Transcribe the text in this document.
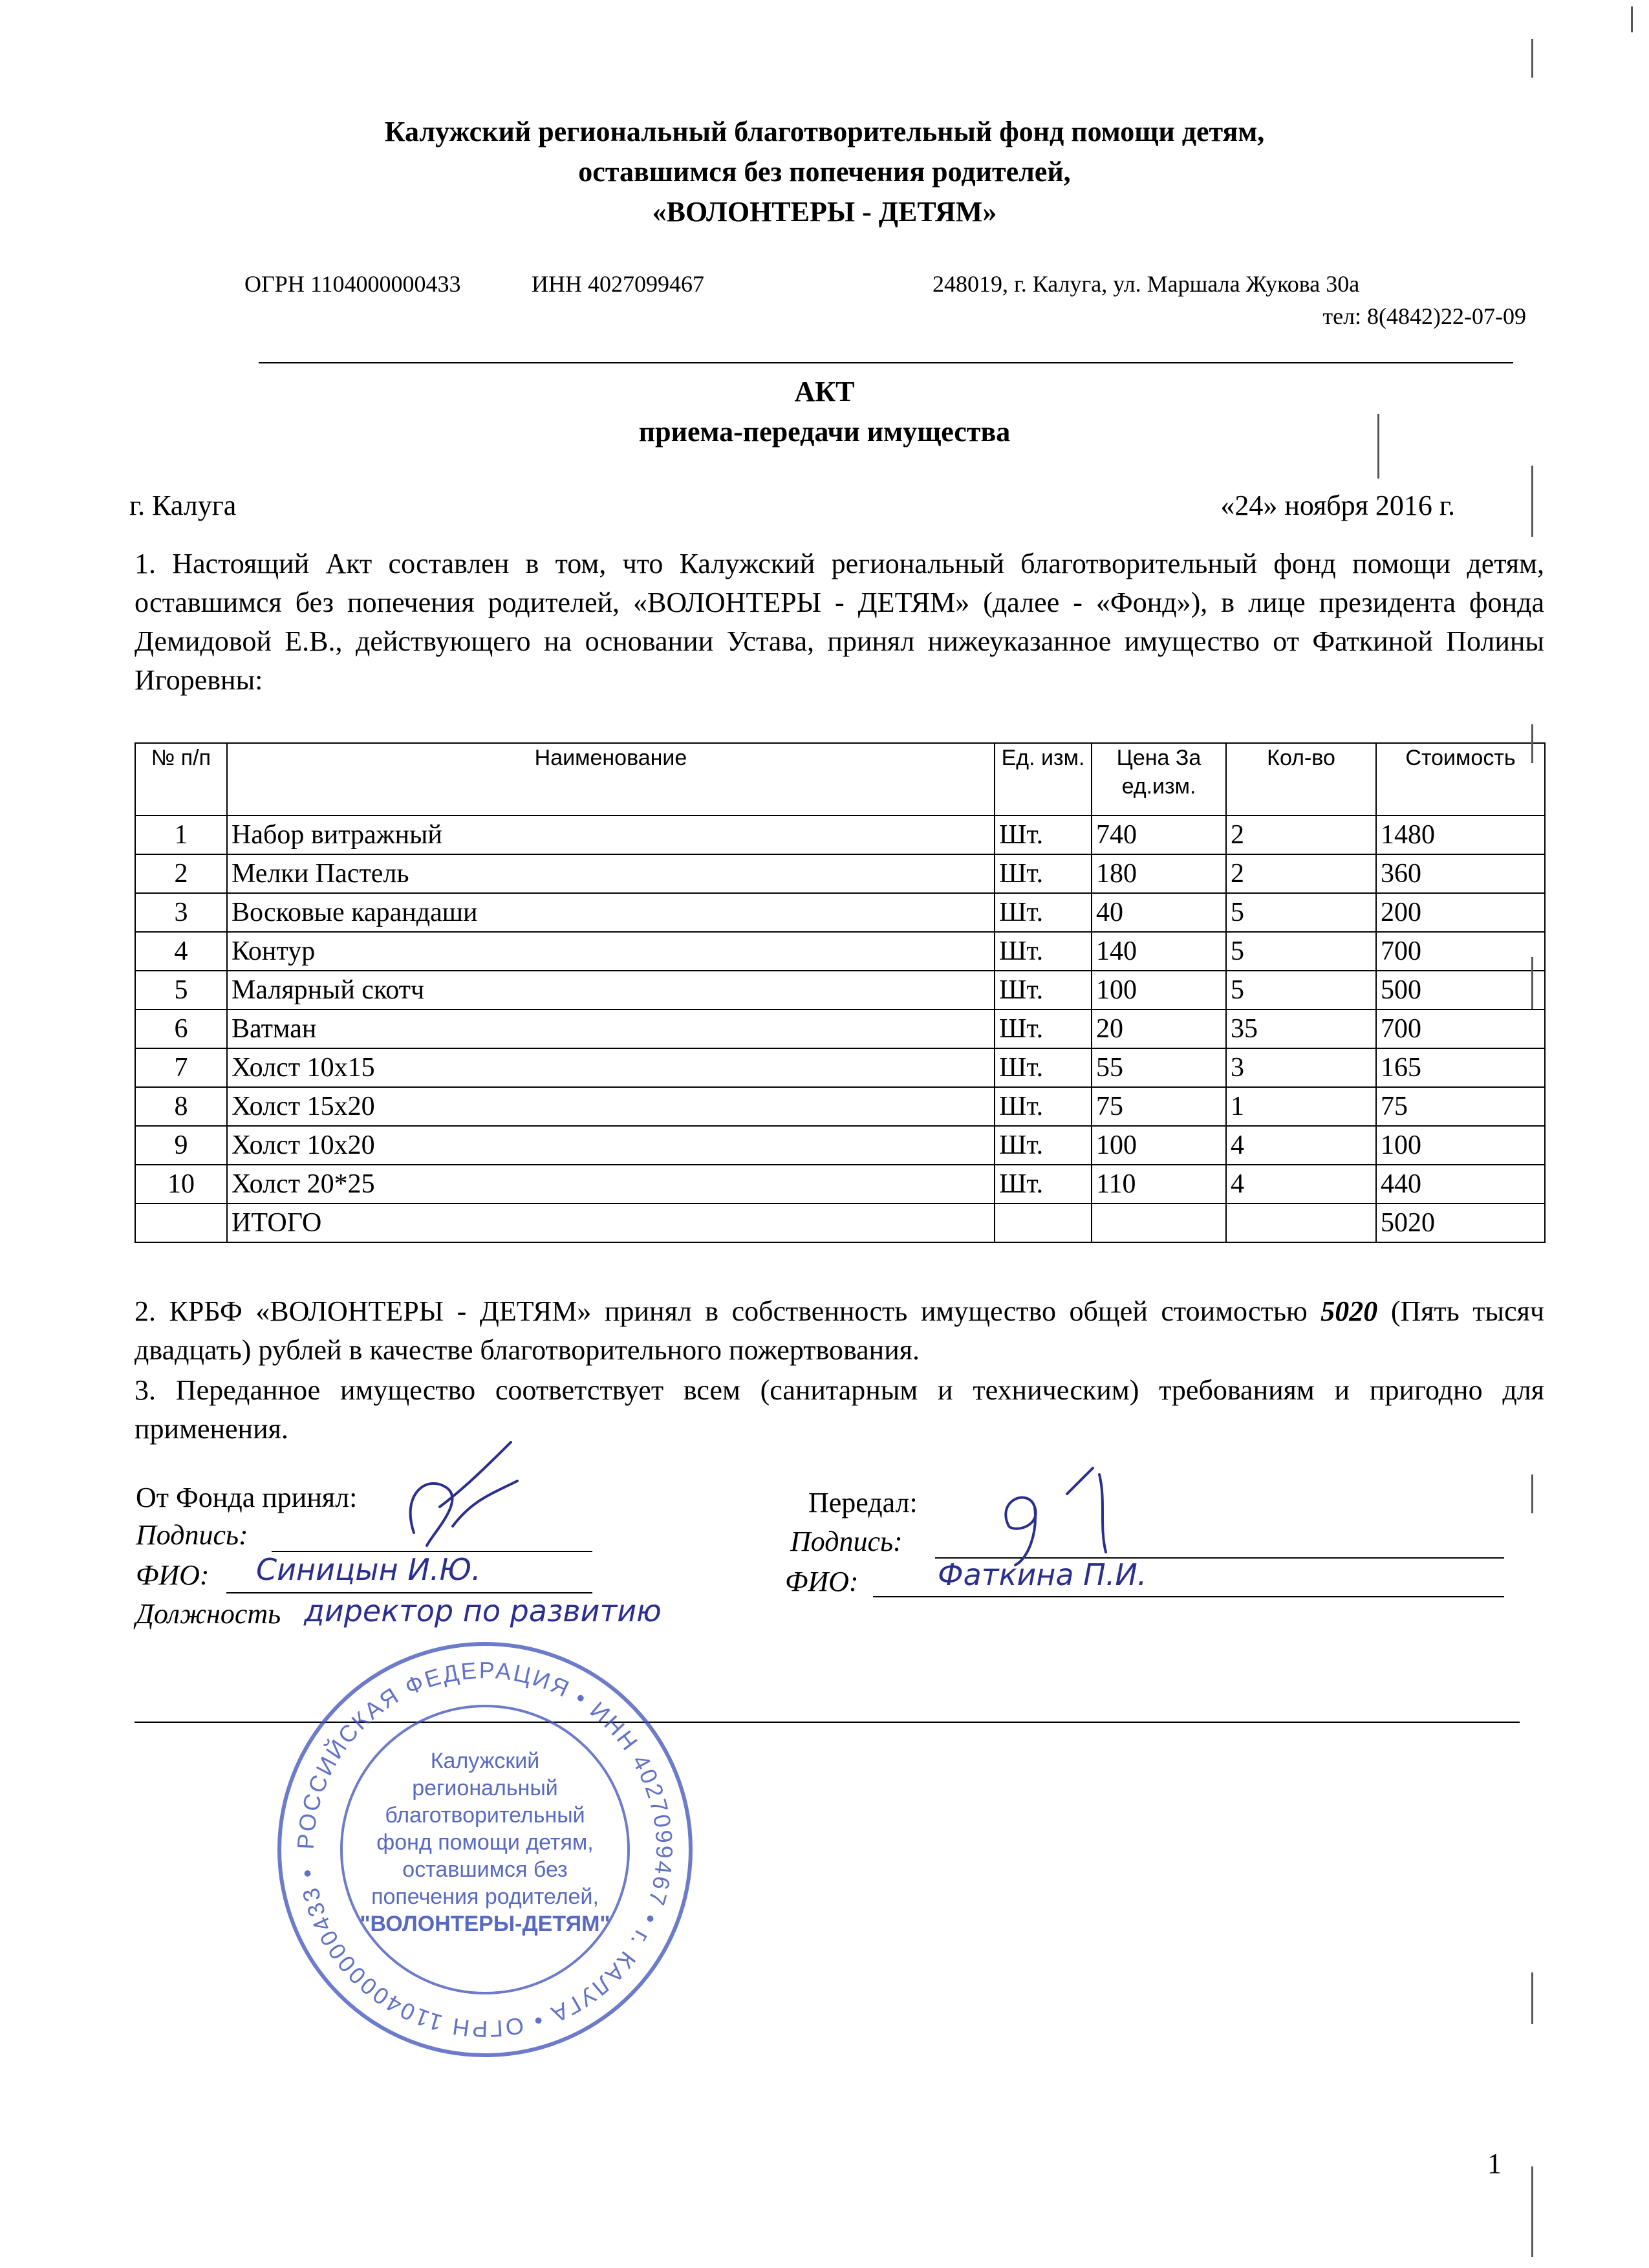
Калужский региональный благотворительный фонд помощи детям,
оставшимся без попечения родителей,
«ВОЛОНТЕРЫ - ДЕТЯМ»
ОГРН 1104000000433	ИНН 4027099467	248019, г. Калуга, ул. Маршала Жукова 30а
тел: 8(4842)22-07-09
АКТ
приема-передачи имущества
г. Калуга	«24» ноября 2016 г.
1. Настоящий Акт составлен в том, что Калужский региональный благотворительный фонд помощи детям, оставшимся без попечения родителей, «ВОЛОНТЕРЫ - ДЕТЯМ» (далее - «Фонд»), в лице президента фонда Демидовой Е.В., действующего на основании Устава, принял нижеуказанное имущество от Фаткиной Полины Игоревны:
№ п/п	Наименование	Ед. изм.	Цена За ед.изм.	Кол-во	Стоимость
1	Набор витражный	Шт.	740	2	1480
2	Мелки Пастель	Шт.	180	2	360
3	Восковые карандаши	Шт.	40	5	200
4	Контур	Шт.	140	5	700
5	Малярный скотч	Шт.	100	5	500
6	Ватман	Шт.	20	35	700
7	Холст 10х15	Шт.	55	3	165
8	Холст 15х20	Шт.	75	1	75
9	Холст 10х20	Шт.	100	4	100
10	Холст 20*25	Шт.	110	4	440
	ИТОГО				5020
2. КРБФ «ВОЛОНТЕРЫ - ДЕТЯМ» принял в собственность имущество общей стоимостью 5020 (Пять тысяч двадцать) рублей в качестве благотворительного пожертвования.
3. Переданное имущество соответствует всем (санитарным и техническим) требованиям и пригодно для применения.
От Фонда принял:
Подпись:
ФИО: Синицын И.Ю.
Должность директор по развитию
Передал:
Подпись:
ФИО:	Фаткина П.И.
РОССИЙСКАЯ ФЕДЕРАЦИЯ • ИНН 4027099467 • г. КАЛУГА • ОГРН 1104000000433 •
Калужский
региональный
благотворительный
фонд помощи детям,
оставшимся без
попечения родителей,
"ВОЛОНТЕРЫ-ДЕТЯМ"
1
